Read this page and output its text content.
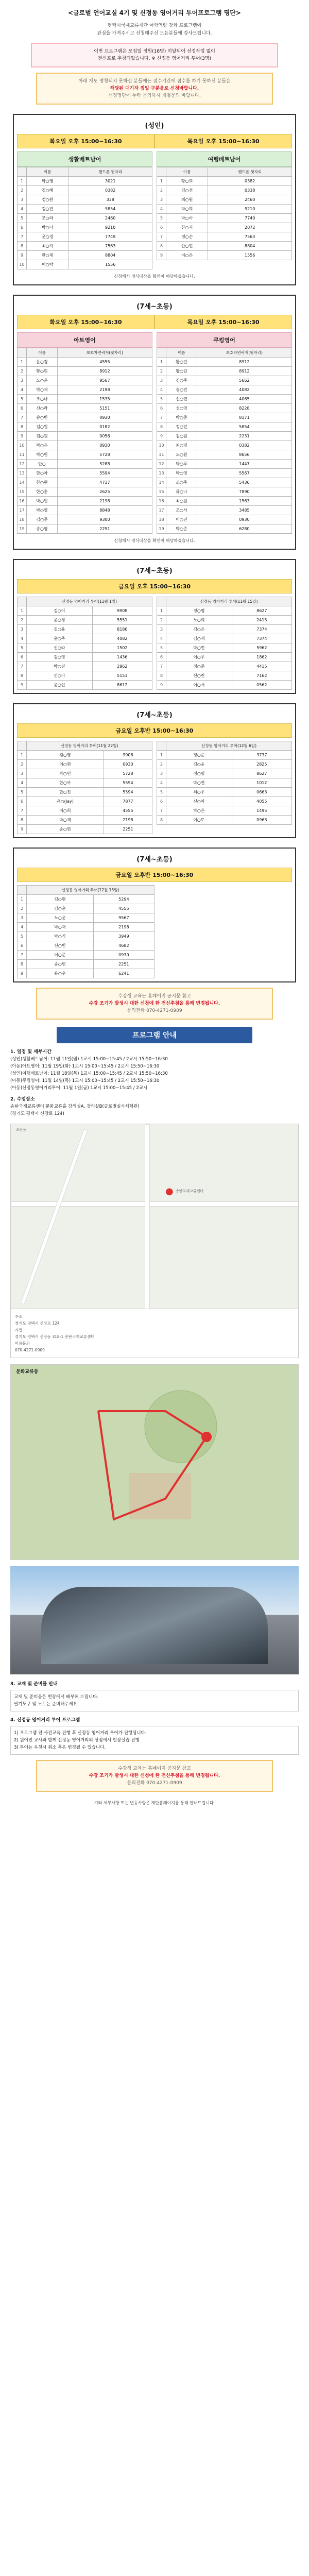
<글로벌 언어교실 4기 및 신정동 영어거리 투어프로그램 명단>
평택시국제교류재단 어학역량 강화 프로그램에
관심을 가져주시고 신청해주신 모든분들께 감사드립니다.
이번 프로그램은 모집일 정원(18명) 미달되어 선정작업 없이
전신프로 추첨되었습니다. ※ 신정동 영어거리 투어(3명)
아래 개도 명칭되지 못하신 분들께는 접수기간에 접수를 하기 못하신 분들은
해당된 대기자 접일 구분을로 신청바랍니다.
선정명단에 누락 문의하시 개별문의 바랍니다.
(성인)
화요일 오후 15:00~16:30	목요일 오후 15:00~16:30
생활베트남어
	이름	핸드폰 뒷자리
1	박○영	3021
2	김○혜	0382
3	정○원	338
4	김○진	5854
5	조○라	2460
6	박○나	9210
7	윤○경	7749
8	최○지	7563
9	한○재	8804
10	이○탁	1556
여행베트남어
	이름	핸드폰 뒷자리
1	황○희	0382
2	김○선	0338
3	최○원	2460
4	박○희	9210
5	박○아	7749
6	한○지	2072
7	정○순	7563
8	안○현	8804
9	이○은	1556
신청해서 정식대상을 확인이 해당하겠습니다.
(7세~초등)
화요일 오후 15:00~16:30	목요일 오후 15:00~16:30
아트영어
	이름	보호자연락처(뒷자리)
1	윤○경	4555
2	황○린	8912
3	노○윤	9567
4	박○재	2198
5	조○나	1535
6	신○라	5151
7	송○빈	0930
8	김○원	0182
9	김○원	0056
10	박○은	0930
11	박○원	5728
12	안○	5288
13	한○아	5594
14	한○현	4717
15	한○훈	2625
16	박○빈	2198
17	박○영	8848
18	김○준	9300
19	송○영	2251
쿠킹영어
	이름	보호자연락처(뒷자리)
1	황○린	8912
2	황○린	8912
3	김○주	5662
4	송○린	4082
5	신○연	4065
6	성○영	8228
7	박○준	8171
8	정○민	5854
9	김○원	2231
10	최○명	0382
11	도○원	8656
12	박○루	1447
13	박○영	5567
14	조○주	5436
15	류○나	7890
16	최○원	1563
17	조○서	3485
18	이○진	0930
19	박○준	6280
신청해서 정식대상을 확인이 해당하겠습니다.
(7세~초등)
금요일 오후 15:00~16:30
	신정동 영어거리 투어(11월 1일)	
1	김○이	9908
2	윤○경	5551
3	김○윤	8186
4	윤○주	4082
5	신○라	1502
6	김○영	1436
7	박○진	2962
8	신○나	5151
9	윤○인	8612
	신정동 영어거리 투어(11월 15일)	
1	정○명	8627
2	노○희	2415
3	김○은	7374
4	김○재	7374
5	박○민	5962
6	이○우	1862
7	정○준	4415
8	신○린	7162
9	이○서	0562
(7세~초등)
금요일 오후반 15:00~16:30
	신정동 영어거리 투어(11월 22일)	
1	김○영	9908
2	이○현	0930
3	박○민	5728
4	한○아	5594
5	한○진	5594
6	유○(Jay)	7877
7	이○희	4555
8	박○재	2198
9	송○현	2251
	신정동 영어거리 투어(12월 6일)	
1	정○준	3737
2	김○운	2825
3	정○명	8627
4	박○연	1012
5	최○우	0663
6	신○아	4055
7	박○은	1495
8	이○도	0963
(7세~초등)
금요일 오후반 15:00~16:30
	신정동 영어거리 투어(12월 13일)	
1	김○현	5294
2	김○윤	4555
3	노○윤	9567
4	박○재	2198
5	박○기	3949
6	신○빈	4682
7	이○준	0930
8	송○빈	2251
9	유○우	6241
수강생 교육는 홈페이지 공지문 참고
수강 조기가 발생시 대한 신청에 한 전신추첨을 통해 변경됩니다.
문의전화 070-4271-0909
프로그램 안내
1. 일정 및 세부시간
(성인)생활베트남어: 11월 11일(월) 1교시 15:00~15:45 / 2교시 15:50~16:30
(아동)아트영어: 11월 19일(화) 1교시 15:00~15:45 / 2교시 15:50~16:30
(성인)여행베트남어: 11월 18일(목) 1교시 15:00~15:45 / 2교시 15:50~16:30
(아동)쿠킹영어: 11월 14일(목) 1교시 15:00~15:45 / 2교시 15:50~16:30
(아동)신정동영어거리투어: 11월 1일(금) 1교시 15:00~15:45 / 2교시
2. 수업장소
송탄국제교류센터 문화교류홀 강의실A, 강의실B(글로벌실사체험관)
(경기도 평택시 신장로 124)
오산동
● 송탄국제교류센터
주소
경기도 평택시 신장로 124
지번
경기도 평택시 신장동 318-1 송탄국제교류센터
이용문의
070-4271-0909
문화교류동
3. 교재 및 준비물 안내
교재 및 준비물은 현장에서 배부해 드립니다.
필기도구 및 노트는 준비해주세요.
4. 신정동 영어거리 투어 프로그램
1) 프로그램 전 사전교육 진행 후 신정동 영어거리 투어가 진행됩니다.
2) 원어민 교사와 함께 신정동 영어거리의 상점에서 현장실습 진행
3) 투어는 우천시 취소 혹은 변경될 수 있습니다.
수강생 교육는 홈페이지 공지문 참고
수강 조기가 발생시 대한 신청에 한 전신추첨을 통해 변경됩니다.
문의전화 070-4271-0909
기타 세부사항 또는 변동사항은 재단홈페이지를 통해 안내드립니다.
